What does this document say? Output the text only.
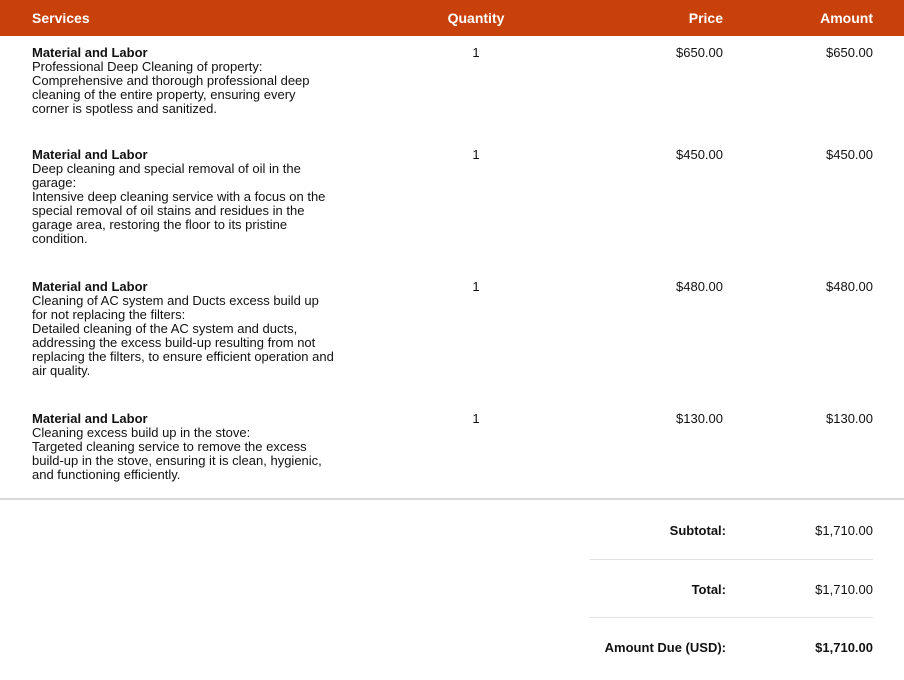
Services	Quantity	Price	Amount
Material and Labor
Professional Deep Cleaning of property:
Comprehensive and thorough professional deep
cleaning of the entire property, ensuring every
corner is spotless and sanitized.
1	$650.00	$650.00
Material and Labor
Deep cleaning and special removal of oil in the
garage:
Intensive deep cleaning service with a focus on the
special removal of oil stains and residues in the
garage area, restoring the floor to its pristine
condition.
1	$450.00	$450.00
Material and Labor
Cleaning of AC system and Ducts excess build up
for not replacing the filters:
Detailed cleaning of the AC system and ducts,
addressing the excess build-up resulting from not
replacing the filters, to ensure efficient operation and
air quality.
1	$480.00	$480.00
Material and Labor
Cleaning excess build up in the stove:
Targeted cleaning service to remove the excess
build-up in the stove, ensuring it is clean, hygienic,
and functioning efficiently.
1	$130.00	$130.00
Subtotal:	$1,710.00
Total:	$1,710.00
Amount Due (USD):	$1,710.00
